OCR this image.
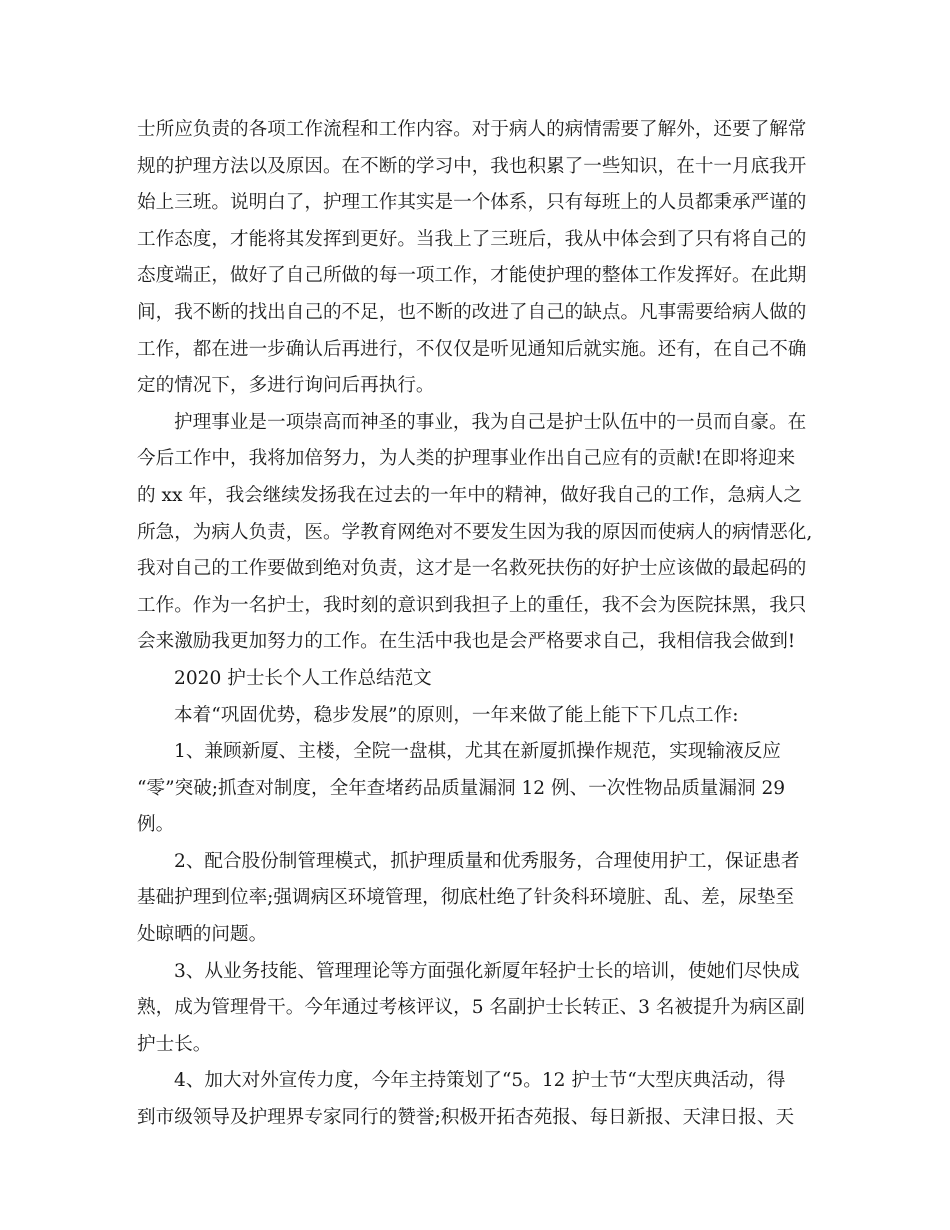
士所应负责的各项工作流程和工作内容。对于病人的病情需要了解外，还要了解常
规的护理方法以及原因。在不断的学习中，我也积累了一些知识，在十一月底我开
始上三班。说明白了，护理工作其实是一个体系，只有每班上的人员都秉承严谨的
工作态度，才能将其发挥到更好。当我上了三班后，我从中体会到了只有将自己的
态度端正，做好了自己所做的每一项工作，才能使护理的整体工作发挥好。在此期
间，我不断的找出自己的不足，也不断的改进了自己的缺点。凡事需要给病人做的
工作，都在进一步确认后再进行，不仅仅是听见通知后就实施。还有，在自己不确
定的情况下，多进行询问后再执行。
护理事业是一项崇高而神圣的事业，我为自己是护士队伍中的一员而自豪。在
今后工作中，我将加倍努力，为人类的护理事业作出自己应有的贡献!在即将迎来
的 xx 年，我会继续发扬我在过去的一年中的精神，做好我自己的工作，急病人之
所急，为病人负责，医。学教育网绝对不要发生因为我的原因而使病人的病情恶化,
我对自己的工作要做到绝对负责，这才是一名救死扶伤的好护士应该做的最起码的
工作。作为一名护士，我时刻的意识到我担子上的重任，我不会为医院抹黑，我只
会来激励我更加努力的工作。在生活中我也是会严格要求自己，我相信我会做到!
2020 护士长个人工作总结范文
本着“巩固优势，稳步发展”的原则，一年来做了能上能下下几点工作:
1、兼顾新厦、主楼，全院一盘棋，尤其在新厦抓操作规范，实现输液反应
“零”突破;抓查对制度，全年查堵药品质量漏洞 12 例、一次性物品质量漏洞 29
例。
2、配合股份制管理模式，抓护理质量和优秀服务，合理使用护工，保证患者
基础护理到位率;强调病区环境管理，彻底杜绝了针灸科环境脏、乱、差，尿垫至
处晾晒的问题。
3、从业务技能、管理理论等方面强化新厦年轻护士长的培训，使她们尽快成
熟，成为管理骨干。今年通过考核评议，5 名副护士长转正、3 名被提升为病区副
护士长。
4、加大对外宣传力度，今年主持策划了“5。12 护士节“大型庆典活动，得
到市级领导及护理界专家同行的赞誉;积极开拓杏苑报、每日新报、天津日报、天
